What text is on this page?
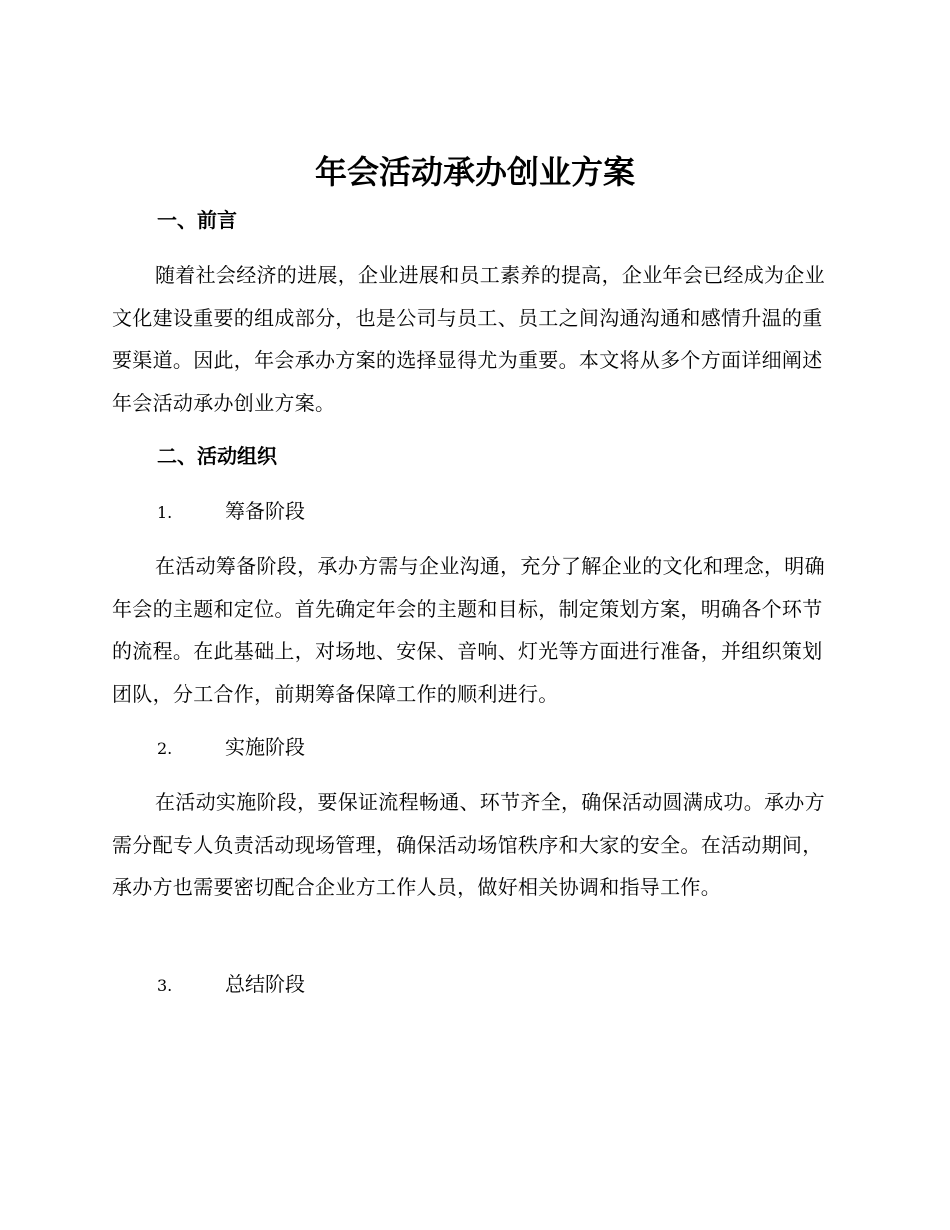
年会活动承办创业方案
一、前言

随着社会经济的进展，企业进展和员工素养的提高，企业年会已经成为企业文化建设重要的组成部分，也是公司与员工、员工之间沟通沟通和感情升温的重要渠道。因此，年会承办方案的选择显得尤为重要。本文将从多个方面详细阐述年会活动承办创业方案。

二、活动组织
1.	筹备阶段

在活动筹备阶段，承办方需与企业沟通，充分了解企业的文化和理念，明确年会的主题和定位。首先确定年会的主题和目标，制定策划方案，明确各个环节的流程。在此基础上，对场地、安保、音响、灯光等方面进行准备，并组织策划团队，分工合作，前期筹备保障工作的顺利进行。

2.	实施阶段

在活动实施阶段，要保证流程畅通、环节齐全，确保活动圆满成功。承办方需分配专人负责活动现场管理，确保活动场馆秩序和大家的安全。在活动期间，承办方也需要密切配合企业方工作人员，做好相关协调和指导工作。

3.	总结阶段
